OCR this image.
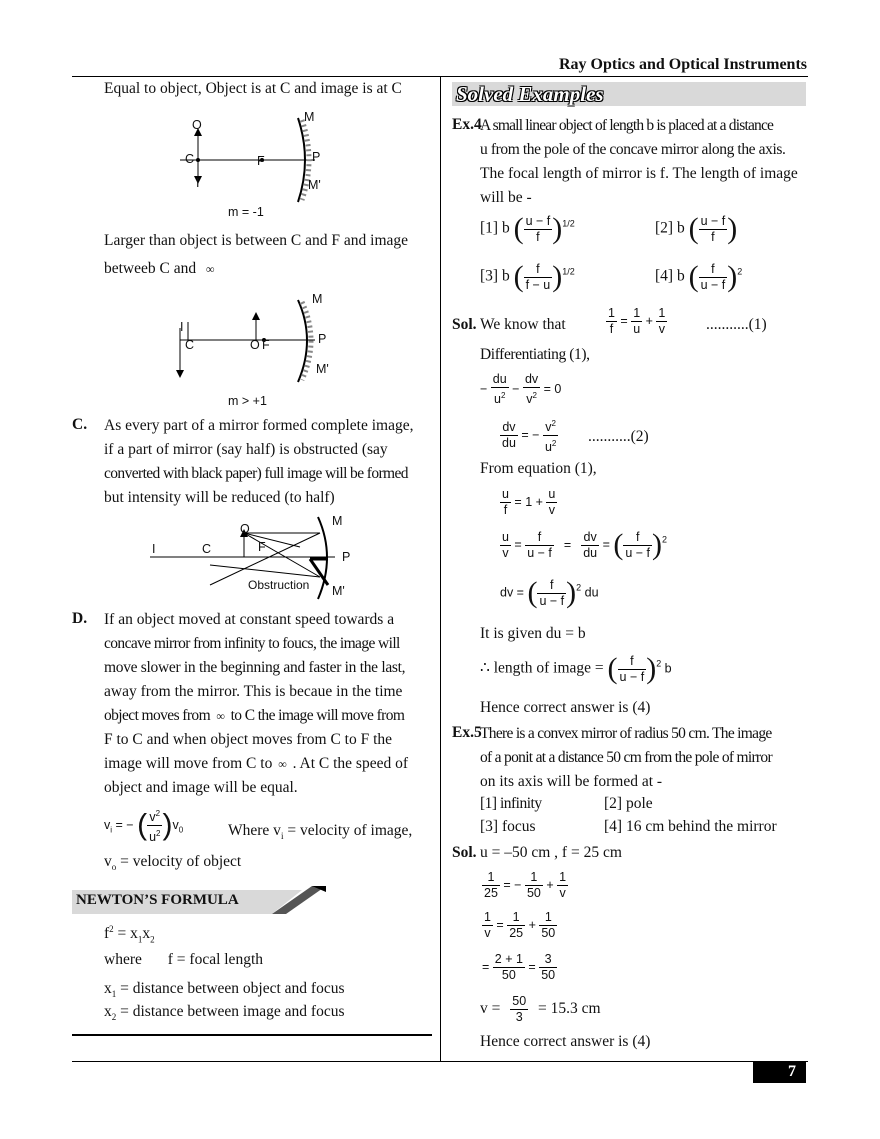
Ray Optics and Optical Instruments
Equal to object, Object is at C and image is at C
O
C
I
F	P
M
M'
m = -1
Larger than object is between C and F and image
betweeb C and ∞
I
C	O F	P
M
M'
m > +1
C. As every part of a mirror formed complete image,
if a part of mirror (say half) is obstructed (say
converted with black paper) full image will be formed
but intensity will be reduced (to half)
O
I	C	F
P
M
M'
Obstruction
D. If an object moved at constant speed towards a
concave mirror from infinity to foucs, the image will
move slower in the beginning and faster in the last,
away from the mirror. This is becaue in the time
object moves from ∞ to C the image will move from
F to C and when object moves from C to F the
image will move from C to ∞ . At C the speed of
object and image will be equal.
$v_i$ = − ( $\frac{v^2}{u^2} )v_0$	Where $v_i$ = velocity of image,
$v_o$ = velocity of object
NEWTON’S FORMULA
$f^2 = x_1x_2$
where f = focal length
$x_1$ = distance between object and focus
$x_2$ = distance between image and focus
Solved Examples
Ex.4
A small linear object of length b is placed at a distance
u from the pole of the concave mirror along the axis.
The focal length of mirror is f. The length of image
will be -
[1] b ( $\frac{u - f}{f} )^{1/2}$	[2] b ( $\frac{u - f}{f}$ )
[3] b ( $\frac{f}{f - u} )^{1/2}$	[4] b ( $\frac{f}{u - f} )^2$
Sol. We know that	$\frac{1}{f} = \frac{1}{u} + \frac{1}{v} ...........(1)$
Differentiating (1),
− $\frac{du}{u^2} - \frac{dv}{v^2} = 0$
$\frac{dv}{du}$ = − $\frac{v^2}{u^2} ...........(2)$
From equation (1),
$\frac{u}{f} = 1 + \frac{u}{v}$
$\frac{u}{v} = \frac{f}{u - f} = \frac{dv}{du}$ = ( $\frac{f}{u - f} )^2$
dv = ( $\frac{f}{u - f} )^2$ du
It is given du = b
∴ length of image = ( $\frac{f}{u - f} )^2$ b
Hence correct answer is (4)
Ex.5
There is a convex mirror of radius 50 cm. The image
of a ponit at a distance 50 cm from the pole of mirror
on its axis will be formed at -
[1] infinity	[2] pole
[3] focus	[4] 16 cm behind the mirror
Sol. u = –50 cm , f = 25 cm
$\frac{1}{25}$ = − $\frac{1}{50} + \frac{1}{v}$
$\frac{1}{v} = \frac{1}{25} + \frac{1}{50}$
= $\frac{2 + 1}{50} = \frac{3}{50}$
$v = \frac{50}{3} = 15.3$ cm
Hence correct answer is (4)
7
